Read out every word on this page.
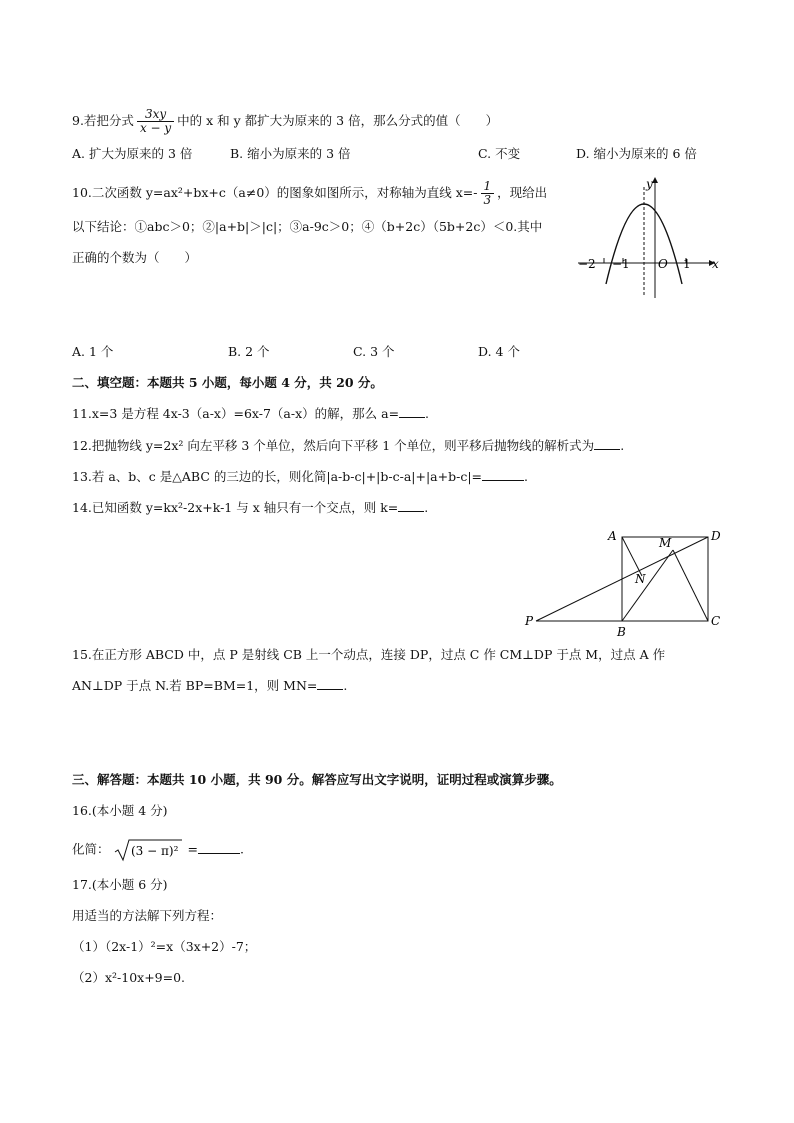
9.若把分式 $\frac{3xy}{x - y}$ 中的 x 和 y 都扩大为原来的 3 倍，那么分式的值（　　）
A. 扩大为原来的 3 倍	B. 缩小为原来的 3 倍	C. 不变	D. 缩小为原来的 6 倍
10.二次函数 y=ax²+bx+c（a≠0）的图象如图所示，对称轴为直线 $x=- \frac{1}{3}$ ，现给出
以下结论：①abc＞0；②|a+b|＞|c|；③a-9c＞0；④（b+2c）（5b+2c）＜0.其中
正确的个数为（　　）
y
x
−2 −1 O 1
A. 1 个	B. 2 个	C. 3 个	D. 4 个
二、填空题：本题共 5 小题，每小题 4 分，共 20 分。
11.x=3 是方程 4x-3（a-x）=6x-7（a-x）的解，那么 a= .
12.把抛物线 y=2x² 向左平移 3 个单位，然后向下平移 1 个单位，则平移后抛物线的解析式为 .
13.若 a、b、c 是△ABC 的三边的长，则化简|a-b-c|+|b-c-a|+|a+b-c|=	.
14.已知函数 y=kx²-2x+k-1 与 x 轴只有一个交点，则 k= .
A	D
M
N
P
B
C
15.在正方形 ABCD 中，点 P 是射线 CB 上一个动点，连接 DP，过点 C 作 CM⊥DP 于点 M，过点 A 作
AN⊥DP 于点 N.若 BP=BM=1，则 MN= .
三、解答题：本题共 10 小题，共 90 分。解答应写出文字说明，证明过程或演算步骤。
16.(本小题 4 分)
化简： (3 − π)² =	.
17.(本小题 6 分)
用适当的方法解下列方程：
（1）（2x-1）²=x（3x+2）-7；
（2）x²-10x+9=0.
